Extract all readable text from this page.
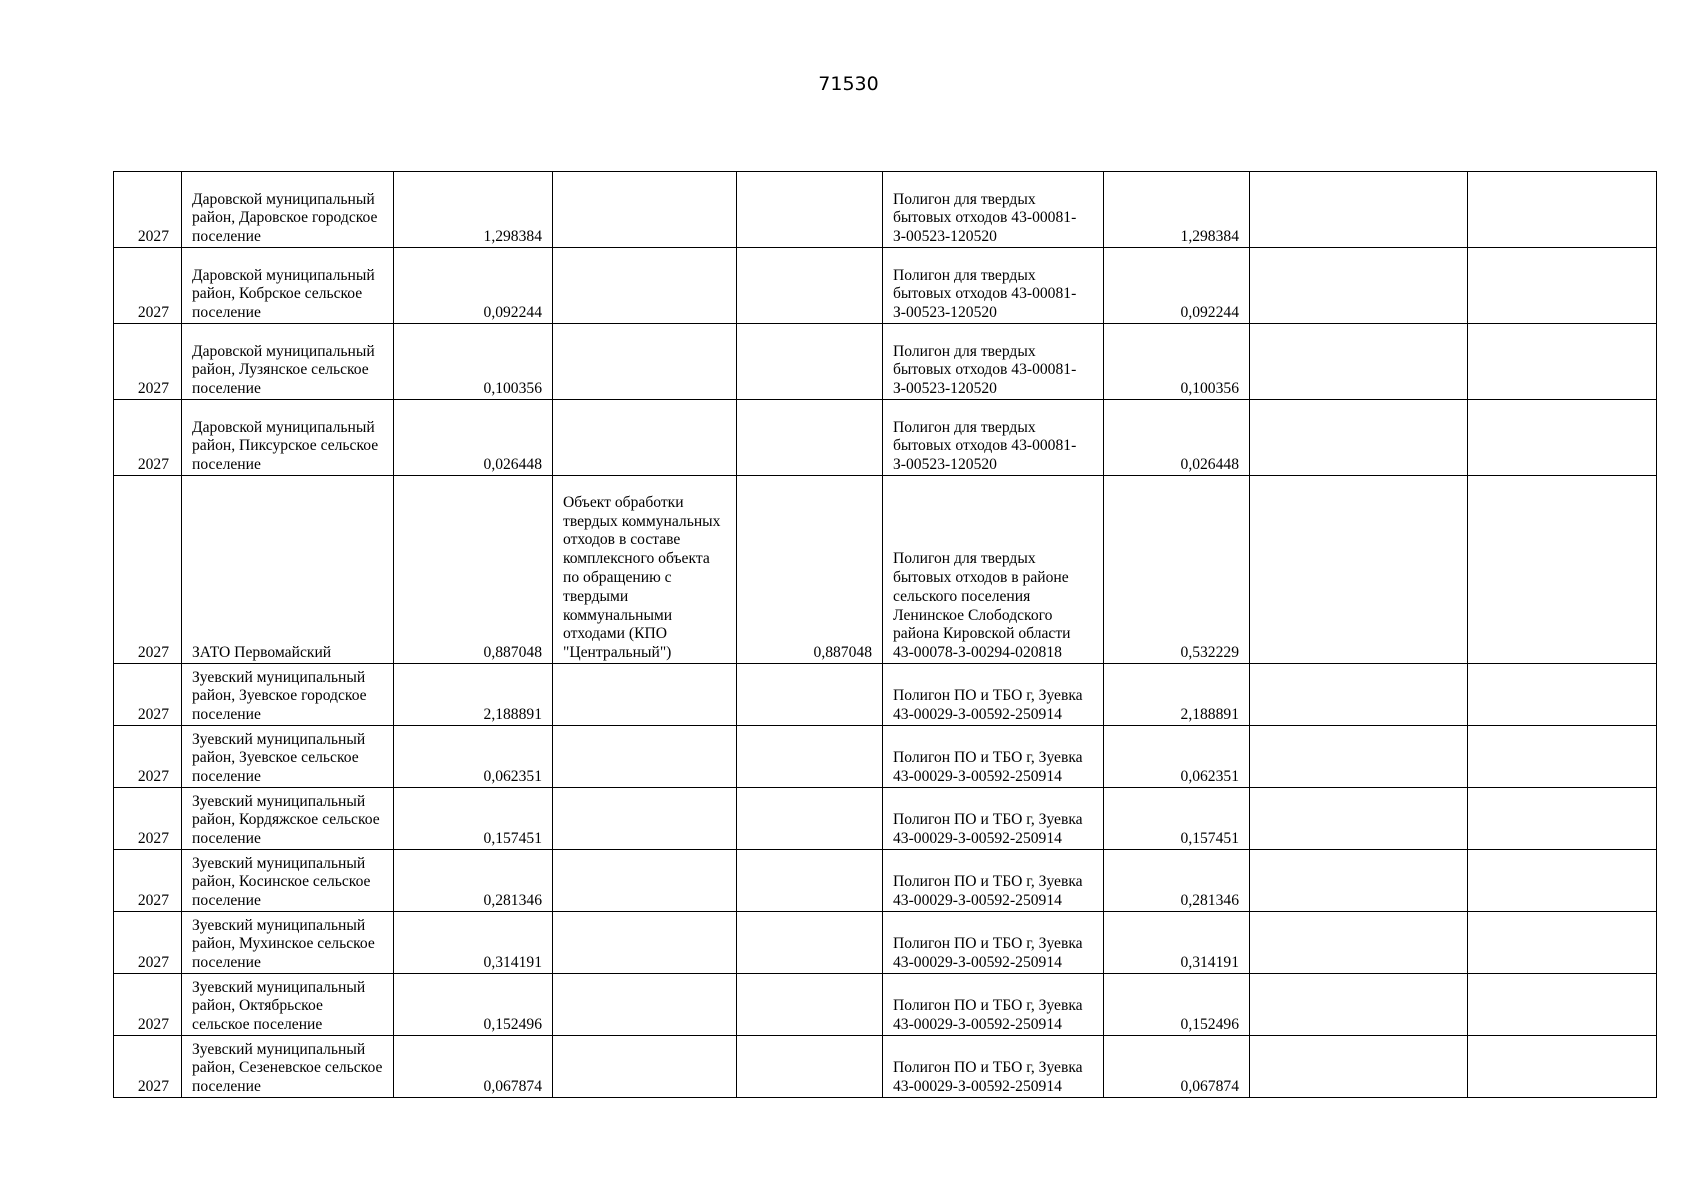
71530
2027	Даровской муниципальный район, Даровское городское поселение	1,298384			Полигон для твердых бытовых отходов 43-00081-З-00523-120520	1,298384		
2027	Даровской муниципальный район, Кобрское сельское поселение	0,092244			Полигон для твердых бытовых отходов 43-00081-З-00523-120520	0,092244		
2027	Даровской муниципальный район, Лузянское сельское поселение	0,100356			Полигон для твердых бытовых отходов 43-00081-З-00523-120520	0,100356		
2027	Даровской муниципальный район, Пиксурское сельское поселение	0,026448			Полигон для твердых бытовых отходов 43-00081-З-00523-120520	0,026448		
2027	ЗАТО Первомайский	0,887048	Объект обработки твердых коммунальных отходов в составе комплексного объекта по обращению с твердыми коммунальными отходами (КПО "Центральный")	0,887048	Полигон для твердых бытовых отходов в районе сельского поселения Ленинское Слободского района Кировской области 43-00078-З-00294-020818	0,532229		
2027	Зуевский муниципальный район, Зуевское городское поселение	2,188891			Полигон ПО и ТБО г, Зуевка 43-00029-З-00592-250914	2,188891		
2027	Зуевский муниципальный район, Зуевское сельское поселение	0,062351			Полигон ПО и ТБО г, Зуевка 43-00029-З-00592-250914	0,062351		
2027	Зуевский муниципальный район, Кордяжское сельское поселение	0,157451			Полигон ПО и ТБО г, Зуевка 43-00029-З-00592-250914	0,157451		
2027	Зуевский муниципальный район, Косинское сельское поселение	0,281346			Полигон ПО и ТБО г, Зуевка 43-00029-З-00592-250914	0,281346		
2027	Зуевский муниципальный район, Мухинское сельское поселение	0,314191			Полигон ПО и ТБО г, Зуевка 43-00029-З-00592-250914	0,314191		
2027	Зуевский муниципальный район, Октябрьское сельское поселение	0,152496			Полигон ПО и ТБО г, Зуевка 43-00029-З-00592-250914	0,152496		
2027	Зуевский муниципальный район, Сезеневское сельское поселение	0,067874			Полигон ПО и ТБО г, Зуевка 43-00029-З-00592-250914	0,067874		
